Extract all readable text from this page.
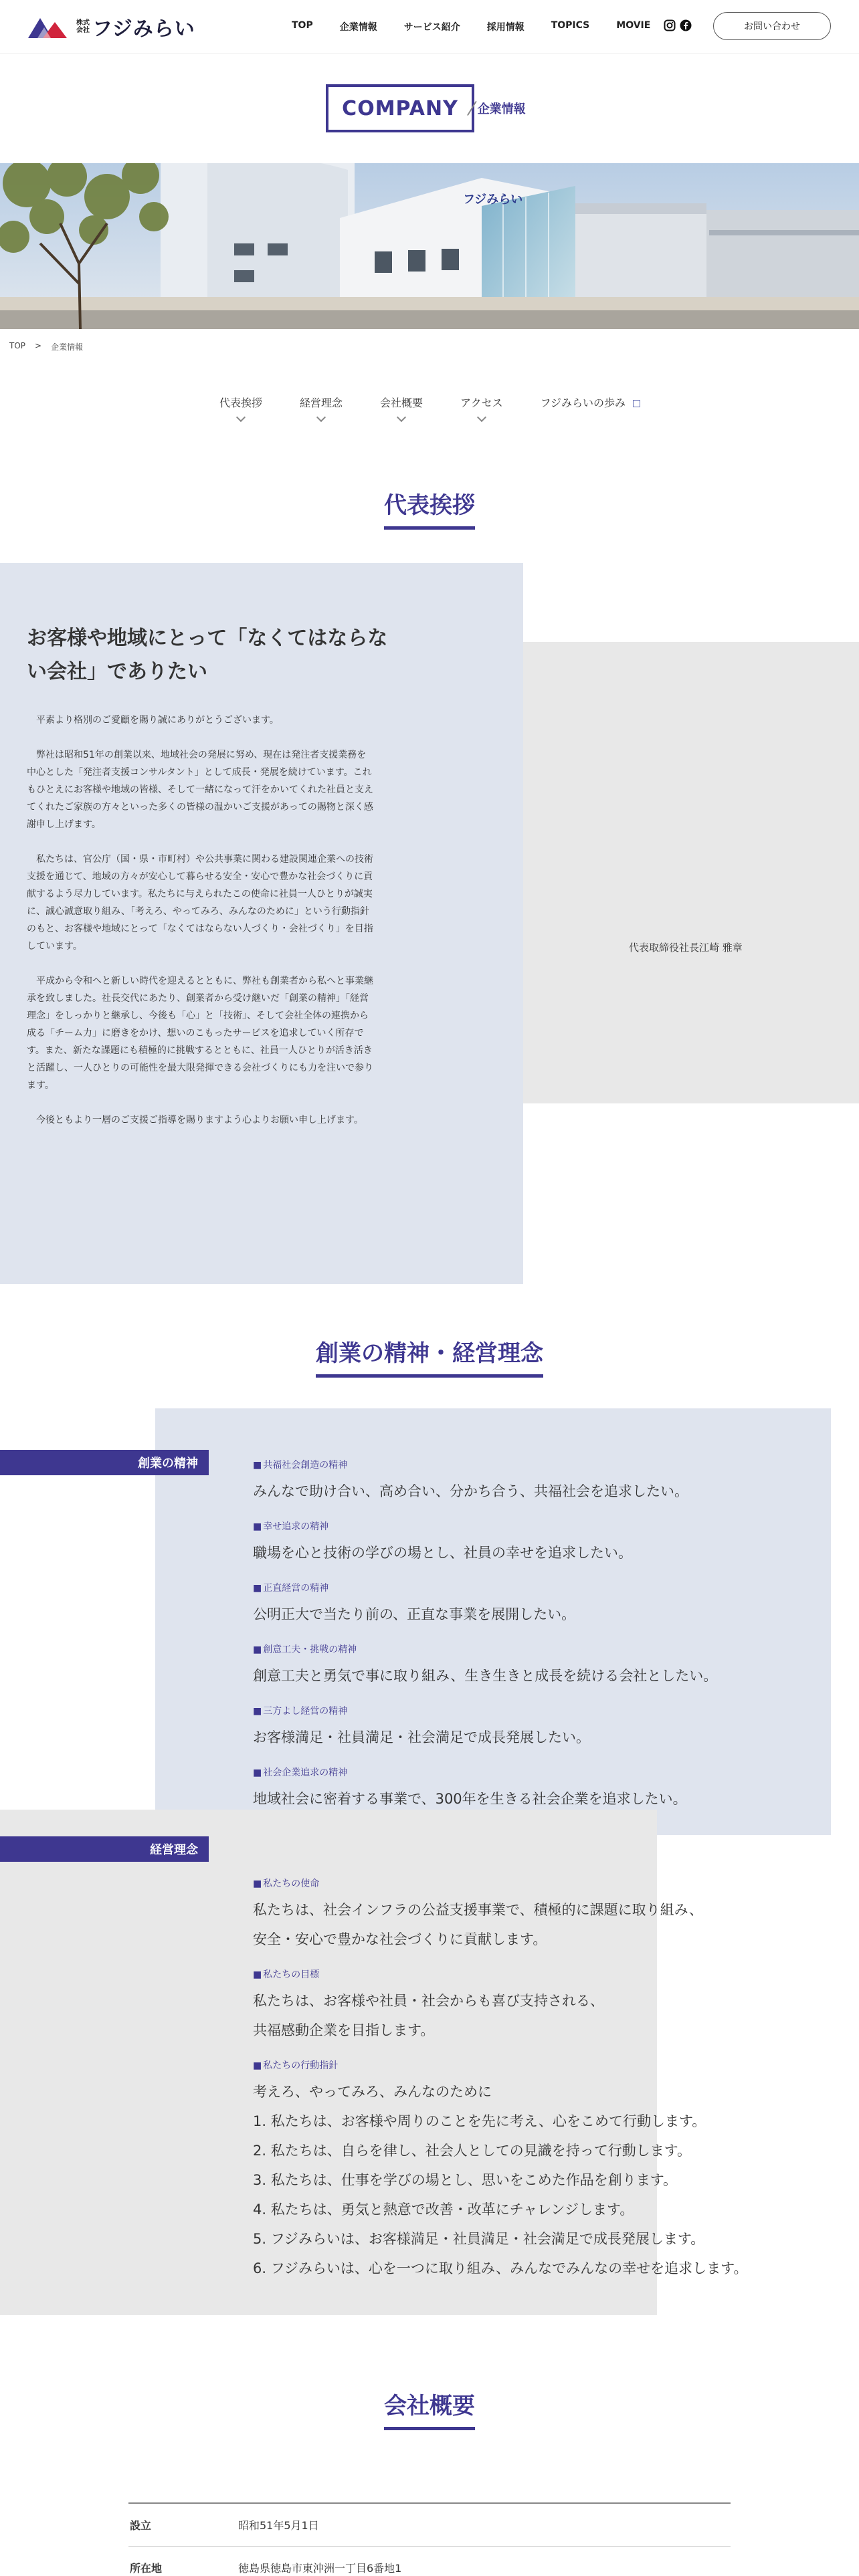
株式会社 フジみらい	TOP	企業情報	サービス紹介	採用情報	TOPICS	MOVIE	お問い合わせ
COMPANY ⁄ 企業情報
フジみらい
TOP > 企業情報
代表挨拶	経営理念	会社概要	アクセス	フジみらいの歩み
代表挨拶
お客様や地域にとって「なくてはならない会社」でありたい

平素より格別のご愛顧を賜り誠にありがとうございます。

弊社は昭和51年の創業以来、地域社会の発展に努め、現在は発注者支援業務を中心とした「発注者支援コンサルタント」として成長・発展を続けています。これもひとえにお客様や地域の皆様、そして一緒になって汗をかいてくれた社員と支えてくれたご家族の方々といった多くの皆様の温かいご支援があっての賜物と深く感謝申し上げます。

私たちは、官公庁（国・県・市町村）や公共事業に関わる建設関連企業への技術支援を通じて、地域の方々が安心して暮らせる安全・安心で豊かな社会づくりに貢献するよう尽力しています。私たちに与えられたこの使命に社員一人ひとりが誠実に、誠心誠意取り組み、「考えろ、やってみろ、みんなのために」という行動指針のもと、お客様や地域にとって「なくてはならない人づくり・会社づくり」を目指しています。

平成から令和へと新しい時代を迎えるとともに、弊社も創業者から私へと事業継承を致しました。社長交代にあたり、創業者から受け継いだ「創業の精神」「経営理念」をしっかりと継承し、今後も「心」と「技術」、そして会社全体の連携から成る「チーム力」に磨きをかけ、想いのこもったサービスを追求していく所存です。また、新たな課題にも積極的に挑戦するとともに、社員一人ひとりが活き活きと活躍し、一人ひとりの可能性を最大限発揮できる会社づくりにも力を注いで参ります。

今後ともより一層のご支援ご指導を賜りますよう心よりお願い申し上げます。

代表取締役社長江崎 雅章
創業の精神・経営理念
創業の精神
■	共福社会創造の精神
みんなで助け合い、高め合い、分かち合う、共福社会を追求したい。
■ 幸せ追求の精神
職場を心と技術の学びの場とし、社員の幸せを追求したい。
■ 正直経営の精神
公明正大で当たり前の、正直な事業を展開したい。
■ 創意工夫・挑戦の精神
創意工夫と勇気で事に取り組み、生き生きと成長を続ける会社としたい。
■ 三方よし経営の精神
お客様満足・社員満足・社会満足で成長発展したい。
■ 社会企業追求の精神
地域社会に密着する事業で、300年を生きる社会企業を追求したい。
経営理念
■ 私たちの使命
私たちは、社会インフラの公益支援事業で、積極的に課題に取り組み、
安全・安心で豊かな社会づくりに貢献します。
■ 私たちの目標
私たちは、お客様や社員・社会からも喜び支持される、
共福感動企業を目指します。
■ 私たちの行動指針
考えろ、やってみろ、みんなのために
1. 私たちは、お客様や周りのことを先に考え、心をこめて行動します。
2. 私たちは、自らを律し、社会人としての見識を持って行動します。
3. 私たちは、仕事を学びの場とし、思いをこめた作品を創ります。
4. 私たちは、勇気と熱意で改善・改革にチャレンジします。
5. フジみらいは、お客様満足・社員満足・社会満足で成長発展します。
6. フジみらいは、心を一つに取り組み、みんなでみんなの幸せを追求します。
会社概要
設立	昭和51年5月1日
所在地	徳島県徳島市東沖洲一丁目6番地1
